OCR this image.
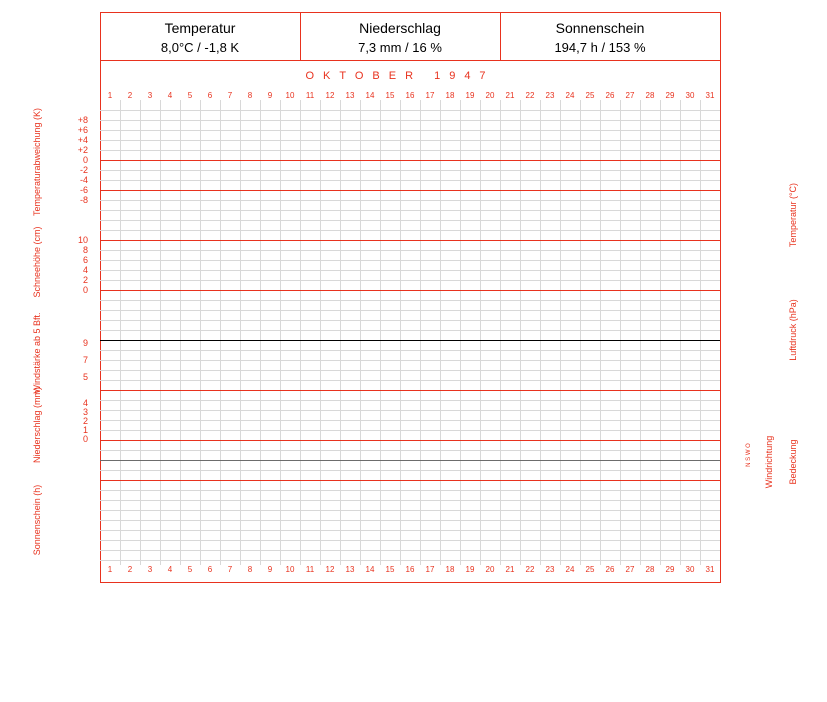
Temperatur
8,0°C / -1,8 K
Niederschlag
7,3 mm / 16 %
Sonnenschein
194,7 h / 153 %
OKTOBER 1947
1 2 3 4 5 6 7 8 9 10 11 12 13 14 15 16 17 18 19 20 21 22 23 24 25 26 27 28 29 30 31
1 2 3 4 5 6 7 8 9 10 11 12 13 14 15 16 17 18 19 20 21 22 23 24 25 26 27 28 29 30 31
+8
+6
+4
+2
0
-2
-4
-6
-8
10
8
6
4
2
0
9
7
5
4
3
2
1
0
Temperaturabweichung (K)
Schneehöhe (cm)
Windstärke ab 5 Bft.
Niederschlag (mm)
Sonnenschein (h)
Temperatur (°C)
Luftdruck (hPa)
Windrichtung Bedeckung
N S W O
